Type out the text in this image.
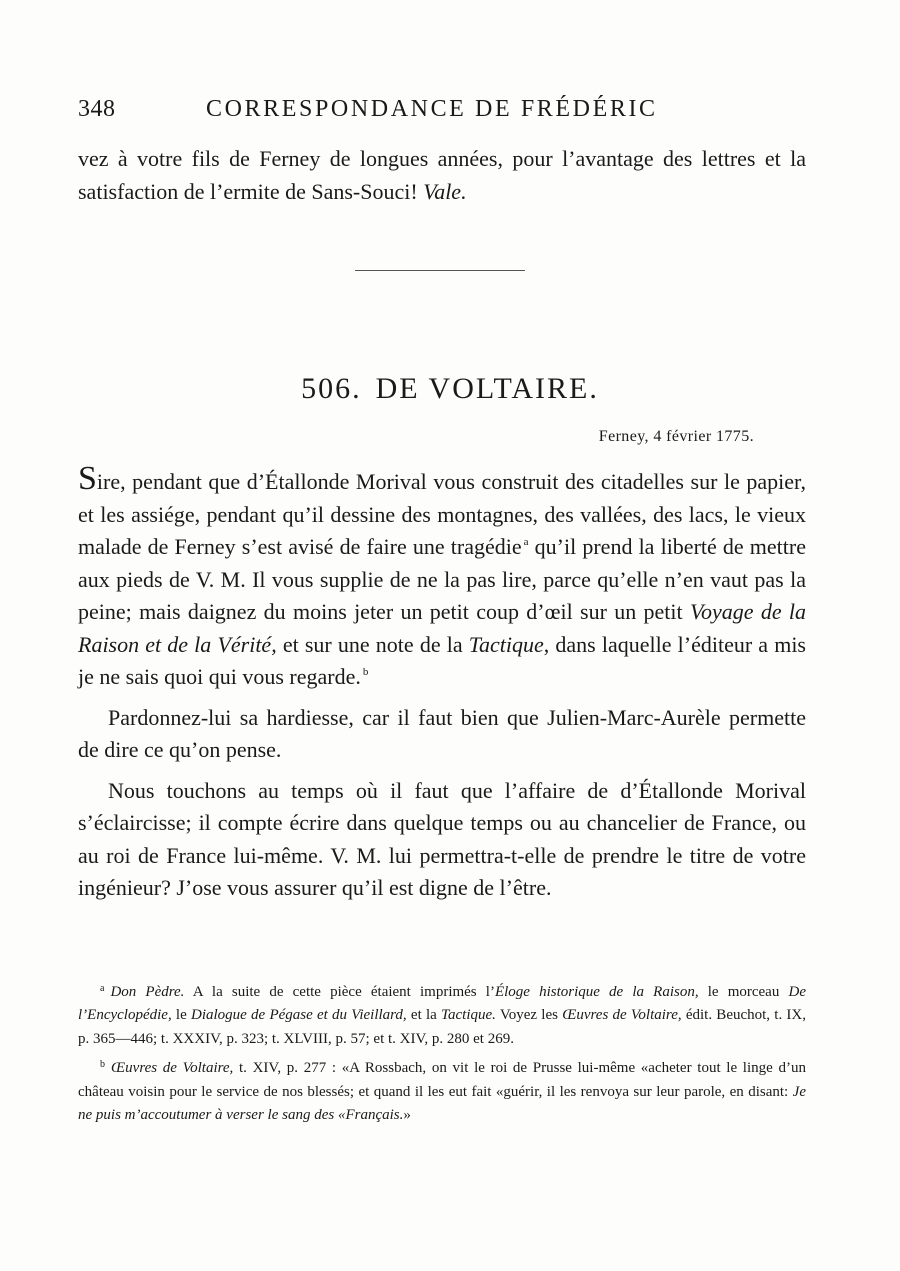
348	CORRESPONDANCE DE FRÉDÉRIC

vez à votre fils de Ferney de longues années, pour l’avantage des lettres et la satisfaction de l’ermite de Sans-Souci! Vale.

506. DE VOLTAIRE.
Ferney, 4 février 1775.

Sire, pendant que d’Étallonde Morival vous construit des citadelles sur le papier, et les assiége, pendant qu’il dessine des montagnes, des vallées, des lacs, le vieux malade de Ferney s’est avisé de faire une tragédie $^a$ qu’il prend la liberté de mettre aux pieds de V. M. Il vous supplie de ne la pas lire, parce qu’elle n’en vaut pas la peine; mais daignez du moins jeter un petit coup d’œil sur un petit Voyage de la Raison et de la Vérité, et sur une note de la Tactique, dans laquelle l’éditeur a mis je ne sais quoi qui vous regarde. $^b$

Pardonnez-lui sa hardiesse, car il faut bien que Julien-Marc-Aurèle permette de dire ce qu’on pense.

Nous touchons au temps où il faut que l’affaire de d’Étallonde Morival s’éclaircisse; il compte écrire dans quelque temps ou au chancelier de France, ou au roi de France lui-même. V. M. lui permettra-t-elle de prendre le titre de votre ingénieur? J’ose vous assurer qu’il est digne de l’être.

$^a$ Don Pèdre. A la suite de cette pièce étaient imprimés l’Éloge historique de la Raison, le morceau De l’Encyclopédie, le Dialogue de Pégase et du Vieillard, et la Tactique. Voyez les Œuvres de Voltaire, édit. Beuchot, t. IX, p. 365—446; t. XXXIV, p. 323; t. XLVIII, p. 57; et t. XIV, p. 280 et 269.

$^b$ Œuvres de Voltaire, t. XIV, p. 277 : «A Rossbach, on vit le roi de Prusse lui-même «acheter tout le linge d’un château voisin pour le service de nos blessés; et quand il les eut fait «guérir, il les renvoya sur leur parole, en disant: Je ne puis m’accoutumer à verser le sang des «Français.»
